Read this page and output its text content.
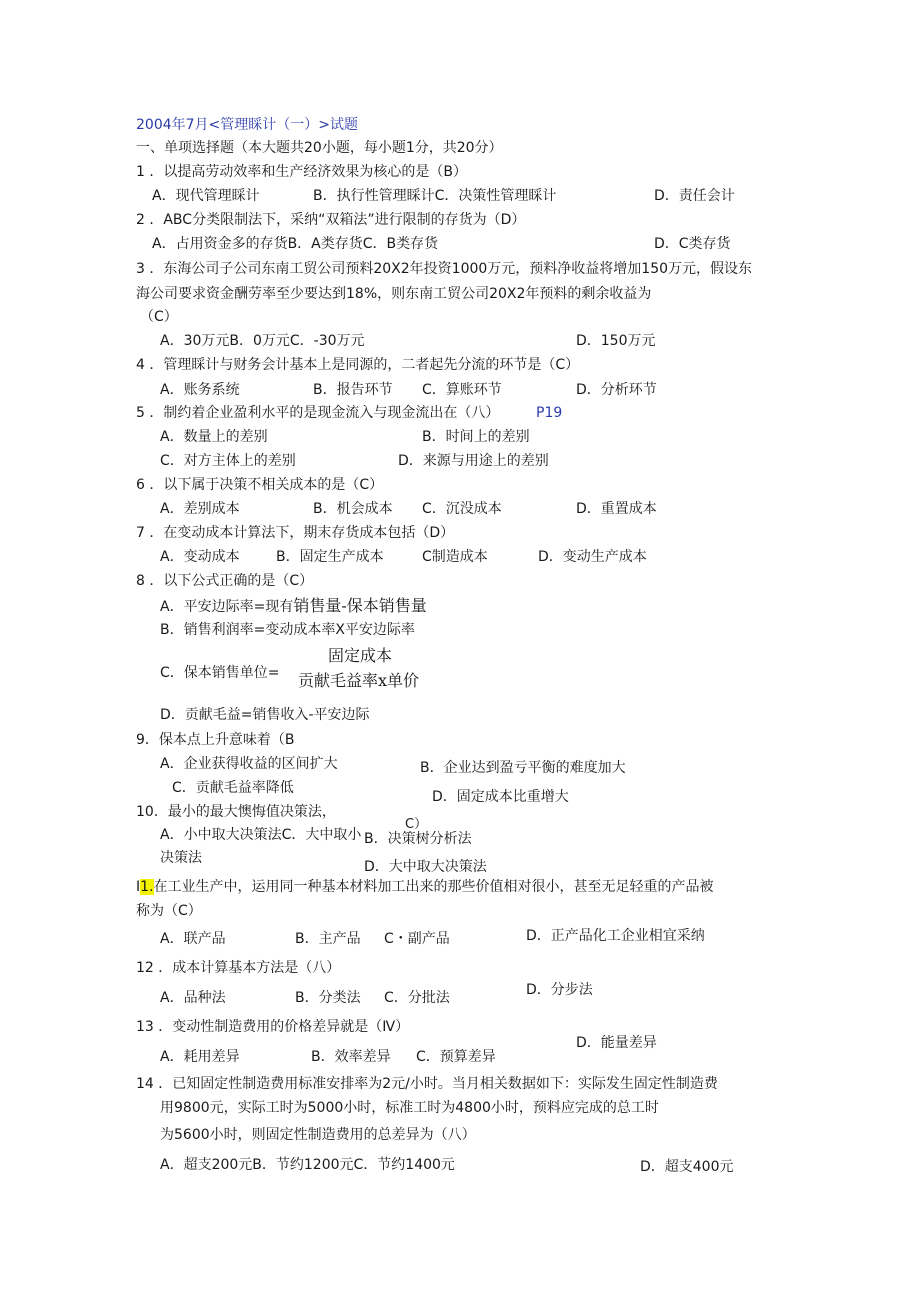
2004年7月<管理睬计（一）>试题
一、单项选择题（本大题共20小题，每小题1分，共20分）
1 ．以提高劳动效率和生产经济效果为核心的是（B）
A．现代管理睬计	B．执行性管理睬计C．决策性管理睬计	D．责任会计
2 ．ABC分类限制法下，采纳“双箱法”进行限制的存货为（D）
A．占用资金多的存货B．A类存货C．B类存货	D．C类存货
3 ．东海公司子公司东南工贸公司预料20X2年投资1000万元，预料净收益将增加150万元，假设东
海公司要求资金酬劳率至少要达到18%，则东南工贸公司20X2年预料的剩余收益为
（C）
A．30万元B．0万元C．-30万元	D．150万元
4 ．管理睬计与财务会计基本上是同源的，二者起先分流的环节是（C）
A．账务系统	B．报告环节 C．算账环节	D．分析环节
5 ．制约着企业盈利水平的是现金流入与现金流出在（八）	P19
A．数量上的差别	B．时间上的差别
C．对方主体上的差别	D．来源与用途上的差别
6 ．以下属于决策不相关成本的是（C）
A．差别成本	B．机会成本 C．沉没成本	D．重置成本
7 ．在变动成本计算法下，期末存货成本包括（D）
A．变动成本	B．固定生产成本	C制造成本	D．变动生产成本
8 ．以下公式正确的是（C）
A．平安边际率=现有销售量-保本销售量
B．销售利润率=变动成本率X平安边际率
固定成本
C．保本销售单位= 贡献毛益率x单价
D．贡献毛益=销售收入-平安边际
9．保本点上升意味着（B
A．企业获得收益的区间扩大	B．企业达到盈亏平衡的难度加大
C．贡献毛益率降低
D．固定成本比重增大
10．最小的最大懊悔值决策法，
C）
A．小中取大决策法C．大中取小 B．决策树分析法
决策法
D．大中取大决策法
I1.在工业生产中，运用同一种基本材料加工出来的那些价值相对很小，甚至无足轻重的产品被
称为（C）
A．联产品	B．主产品 C・副产品	D．正产品化工企业相宜采纳
12 ．成本计算基本方法是（八）
A．品种法	B．分类法 C．分批法	D．分步法
13 ．变动性制造费用的价格差异就是（Ⅳ）
D．能量差异
A．耗用差异	B．效率差异 C．预算差异
14 ．已知固定性制造费用标准安排率为2元/小时。当月相关数据如下：实际发生固定性制造费
用9800元，实际工时为5000小时，标准工时为4800小时，预料应完成的总工时
为5600小时，则固定性制造费用的总差异为（八）
A．超支200元B．节约1200元C．节约1400元	D．超支400元
